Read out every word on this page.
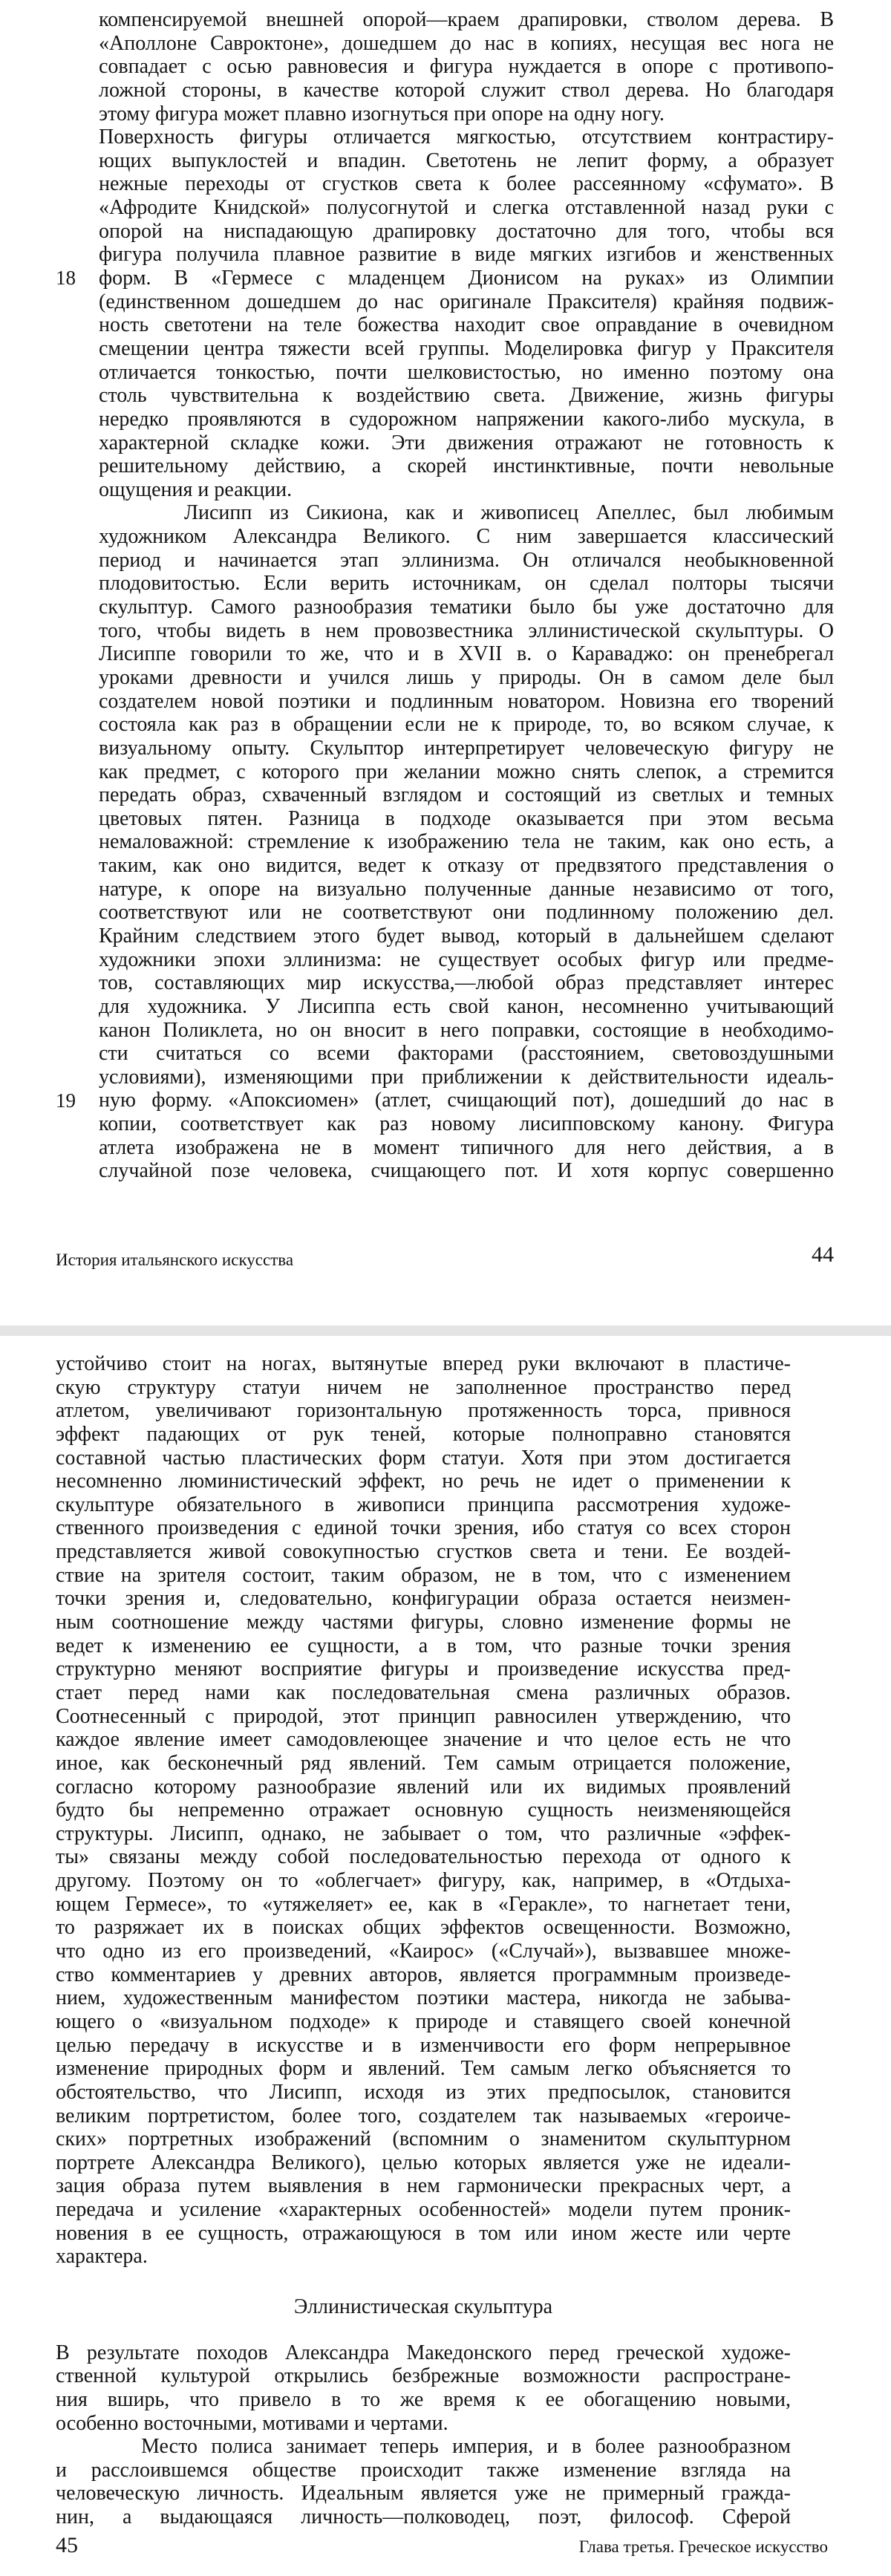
18
19
компенсируемой внешней опорой—краем драпировки, стволом дерева. В
«Аполлоне Савроктоне», дошедшем до нас в копиях, несущая вес нога не
совпадает с осью равновесия и фигура нуждается в опоре с противопо-
ложной стороны, в качестве которой служит ствол дерева. Но благодаря
этому фигура может плавно изогнуться при опоре на одну ногу.
Поверхность фигуры отличается мягкостью, отсутствием контрастиру-
ющих выпуклостей и впадин. Светотень не лепит форму, а образует
нежные переходы от сгустков света к более рассеянному «сфумато». В
«Афродите Книдской» полусогнутой и слегка отставленной назад руки с
опорой на ниспадающую драпировку достаточно для того, чтобы вся
фигура получила плавное развитие в виде мягких изгибов и женственных
форм. В «Гермесе с младенцем Дионисом на руках» из Олимпии
(единственном дошедшем до нас оригинале Праксителя) крайняя подвиж-
ность светотени на теле божества находит свое оправдание в очевидном
смещении центра тяжести всей группы. Моделировка фигур у Праксителя
отличается тонкостью, почти шелковистостью, но именно поэтому она
столь чувствительна к воздействию света. Движение, жизнь фигуры
нередко проявляются в судорожном напряжении какого-либо мускула, в
характерной складке кожи. Эти движения отражают не готовность к
решительному действию, а скорей инстинктивные, почти невольные
ощущения и реакции.
Лисипп из Сикиона, как и живописец Апеллес, был любимым
художником Александра Великого. С ним завершается классический
период и начинается этап эллинизма. Он отличался необыкновенной
плодовитостью. Если верить источникам, он сделал полторы тысячи
скульптур. Самого разнообразия тематики было бы уже достаточно для
того, чтобы видеть в нем провозвестника эллинистической скульптуры. О
Лисиппе говорили то же, что и в XVII в. о Караваджо: он пренебрегал
уроками древности и учился лишь у природы. Он в самом деле был
создателем новой поэтики и подлинным новатором. Новизна его творений
состояла как раз в обращении если не к природе, то, во всяком случае, к
визуальному опыту. Скульптор интерпретирует человеческую фигуру не
как предмет, с которого при желании можно снять слепок, а стремится
передать образ, схваченный взглядом и состоящий из светлых и темных
цветовых пятен. Разница в подходе оказывается при этом весьма
немаловажной: стремление к изображению тела не таким, как оно есть, а
таким, как оно видится, ведет к отказу от предвзятого представления о
натуре, к опоре на визуально полученные данные независимо от того,
соответствуют или не соответствуют они подлинному положению дел.
Крайним следствием этого будет вывод, который в дальнейшем сделают
художники эпохи эллинизма: не существует особых фигур или предме-
тов, составляющих мир искусства,—любой образ представляет интерес
для художника. У Лисиппа есть свой канон, несомненно учитывающий
канон Поликлета, но он вносит в него поправки, состоящие в необходимо-
сти считаться со всеми факторами (расстоянием, световоздушными
условиями), изменяющими при приближении к действительности идеаль-
ную форму. «Апоксиомен» (атлет, счищающий пот), дошедший до нас в
копии, соответствует как раз новому лисипповскому канону. Фигура
атлета изображена не в момент типичного для него действия, а в
случайной позе человека, счищающего пот. И хотя корпус совершенно
История итальянского искусства	44
устойчиво стоит на ногах, вытянутые вперед руки включают в пластиче-
скую структуру статуи ничем не заполненное пространство перед
атлетом, увеличивают горизонтальную протяженность торса, привнося
эффект падающих от рук теней, которые полноправно становятся
составной частью пластических форм статуи. Хотя при этом достигается
несомненно люминистический эффект, но речь не идет о применении к
скульптуре обязательного в живописи принципа рассмотрения художе-
ственного произведения с единой точки зрения, ибо статуя со всех сторон
представляется живой совокупностью сгустков света и тени. Ее воздей-
ствие на зрителя состоит, таким образом, не в том, что с изменением
точки зрения и, следовательно, конфигурации образа остается неизмен-
ным соотношение между частями фигуры, словно изменение формы не
ведет к изменению ее сущности, а в том, что разные точки зрения
структурно меняют восприятие фигуры и произведение искусства пред-
стает перед нами как последовательная смена различных образов.
Соотнесенный с природой, этот принцип равносилен утверждению, что
каждое явление имеет самодовлеющее значение и что целое есть не что
иное, как бесконечный ряд явлений. Тем самым отрицается положение,
согласно которому разнообразие явлений или их видимых проявлений
будто бы непременно отражает основную сущность неизменяющейся
структуры. Лисипп, однако, не забывает о том, что различные «эффек-
ты» связаны между собой последовательностью перехода от одного к
другому. Поэтому он то «облегчает» фигуру, как, например, в «Отдыха-
ющем Гермесе», то «утяжеляет» ее, как в «Геракле», то нагнетает тени,
то разряжает их в поисках общих эффектов освещенности. Возможно,
что одно из его произведений, «Каирос» («Случай»), вызвавшее множе-
ство комментариев у древних авторов, является программным произведе-
нием, художественным манифестом поэтики мастера, никогда не забыва-
ющего о «визуальном подходе» к природе и ставящего своей конечной
целью передачу в искусстве и в изменчивости его форм непрерывное
изменение природных форм и явлений. Тем самым легко объясняется то
обстоятельство, что Лисипп, исходя из этих предпосылок, становится
великим портретистом, более того, создателем так называемых «героиче-
ских» портретных изображений (вспомним о знаменитом скульптурном
портрете Александра Великого), целью которых является уже не идеали-
зация образа путем выявления в нем гармонически прекрасных черт, а
передача и усиление «характерных особенностей» модели путем проник-
новения в ее сущность, отражающуюся в том или ином жесте или черте
характера.
Эллинистическая скульптура
В результате походов Александра Македонского перед греческой художе-
ственной культурой открылись безбрежные возможности распростране-
ния вширь, что привело в то же время к ее обогащению новыми,
особенно восточными, мотивами и чертами.
Место полиса занимает теперь империя, и в более разнообразном
и расслоившемся обществе происходит также изменение взгляда на
человеческую личность. Идеальным является уже не примерный гражда-
нин, а выдающаяся личность—полководец, поэт, философ. Сферой
45	Глава третья. Греческое искусство
